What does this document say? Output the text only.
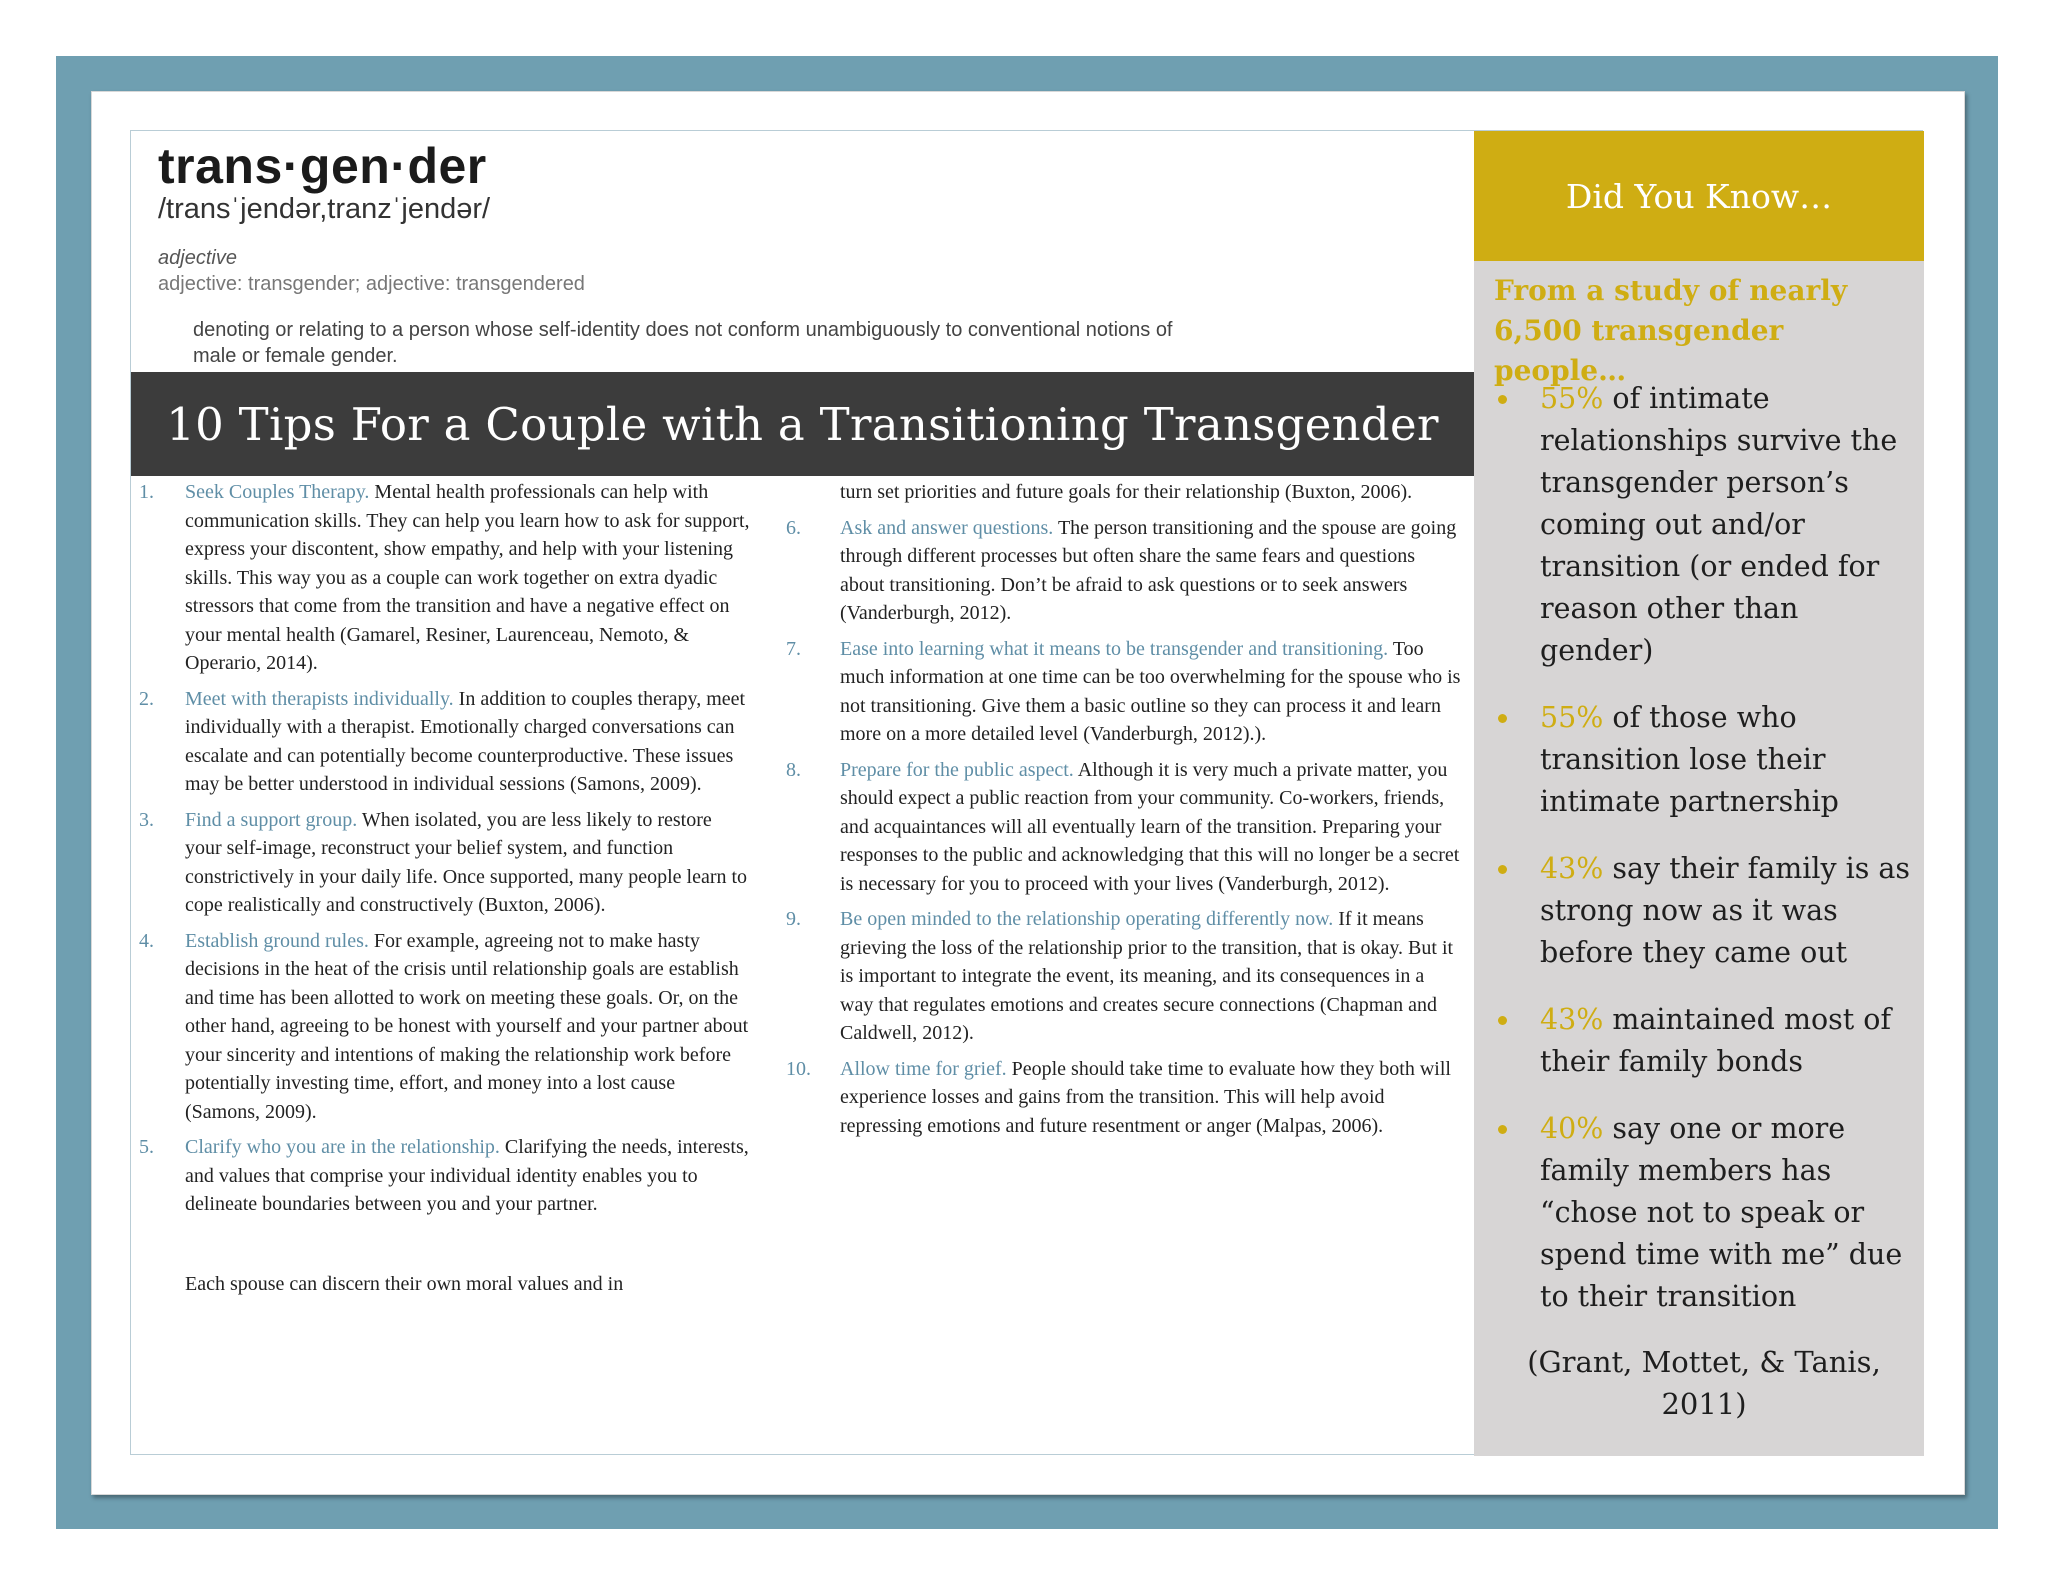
trans·gen·der
/transˈjendər,tranzˈjendər/
adjective
adjective: transgender; adjective: transgendered
denoting or relating to a person whose self-identity does not conform unambiguously to conventional notions of male or female gender.
10 Tips For a Couple with a Transitioning Transgender
1. Seek Couples Therapy. Mental health professionals can help with communication skills. They can help you learn how to ask for support, express your discontent, show empathy, and help with your listening skills. This way you as a couple can work together on extra dyadic stressors that come from the transition and have a negative effect on your mental health (Gamarel, Resiner, Laurenceau, Nemoto, & Operario, 2014).
2. Meet with therapists individually. In addition to couples therapy, meet individually with a therapist. Emotionally charged conversations can escalate and can potentially become counterproductive. These issues may be better understood in individual sessions (Samons, 2009).
3. Find a support group. When isolated, you are less likely to restore your self-image, reconstruct your belief system, and function constrictively in your daily life. Once supported, many people learn to cope realistically and constructively (Buxton, 2006).
4. Establish ground rules. For example, agreeing not to make hasty decisions in the heat of the crisis until relationship goals are establish and time has been allotted to work on meeting these goals. Or, on the other hand, agreeing to be honest with yourself and your partner about your sincerity and intentions of making the relationship work before potentially investing time, effort, and money into a lost cause (Samons, 2009).
5. Clarify who you are in the relationship. Clarifying the needs, interests, and values that comprise your individual identity enables you to delineate boundaries between you and your partner.
Each spouse can discern their own moral values and in
turn set priorities and future goals for their relationship (Buxton, 2006).
6. Ask and answer questions. The person transitioning and the spouse are going through different processes but often share the same fears and questions about transitioning. Don’t be afraid to ask questions or to seek answers (Vanderburgh, 2012).
7. Ease into learning what it means to be transgender and transitioning. Too much information at one time can be too overwhelming for the spouse who is not transitioning. Give them a basic outline so they can process it and learn more on a more detailed level (Vanderburgh, 2012).).
8. Prepare for the public aspect. Although it is very much a private matter, you should expect a public reaction from your community. Co-workers, friends, and acquaintances will all eventually learn of the transition. Preparing your responses to the public and acknowledging that this will no longer be a secret is necessary for you to proceed with your lives (Vanderburgh, 2012).
9. Be open minded to the relationship operating differently now. If it means grieving the loss of the relationship prior to the transition, that is okay. But it is important to integrate the event, its meaning, and its consequences in a way that regulates emotions and creates secure connections (Chapman and Caldwell, 2012).
10. Allow time for grief. People should take time to evaluate how they both will experience losses and gains from the transition. This will help avoid repressing emotions and future resentment or anger (Malpas, 2006).
Did You Know…
From a study of nearly 6,500 transgender people…
55% of intimate relationships survive the transgender person’s coming out and/or transition (or ended for reason other than gender)
55% of those who transition lose their intimate partnership
43% say their family is as strong now as it was before they came out
43% maintained most of their family bonds
40% say one or more family members has “chose not to speak or spend time with me” due to their transition
(Grant, Mottet, & Tanis, 2011)
